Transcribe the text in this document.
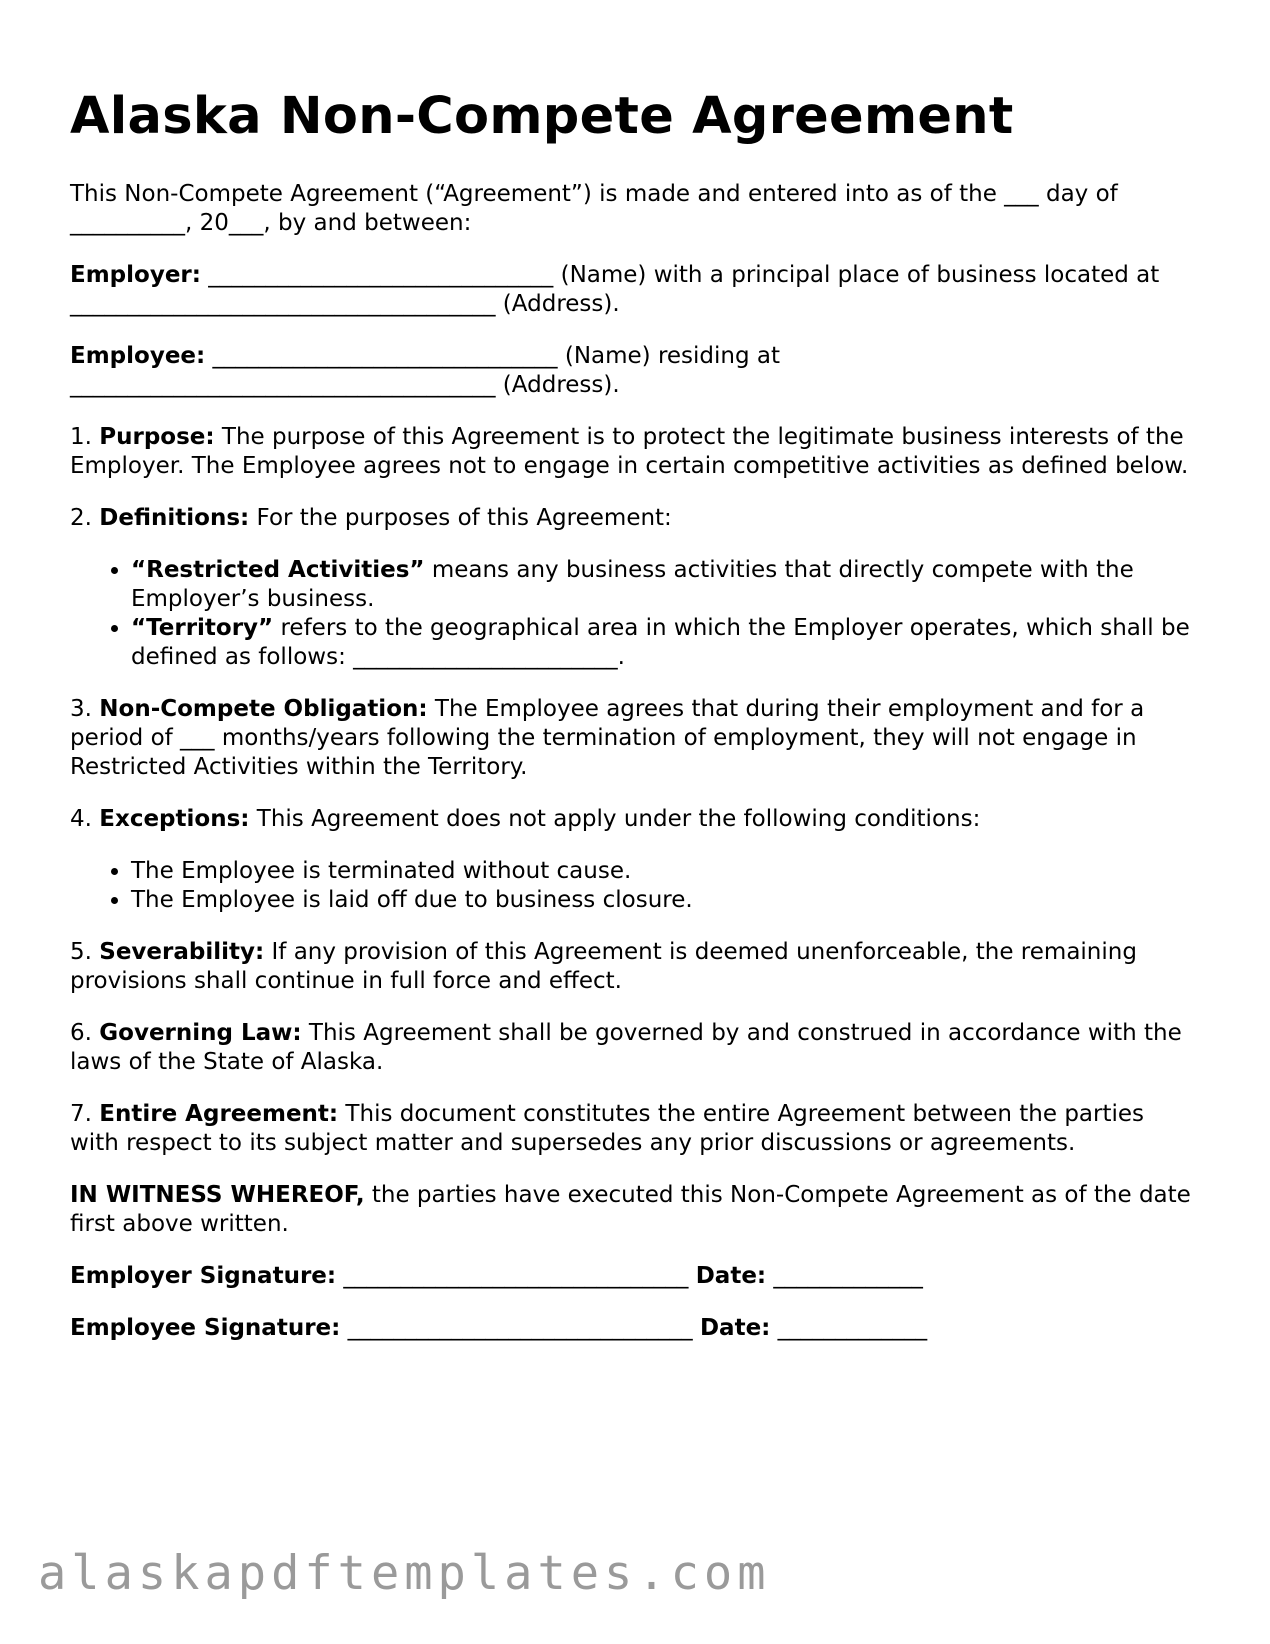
Alaska Non-Compete Agreement

This Non-Compete Agreement (“Agreement”) is made and entered into as of the ___ day of __________, 20___, by and between:

Employer: ______________________________ (Name) with a principal place of business located at _____________________________________ (Address).

Employee: ______________________________ (Name) residing at _____________________________________ (Address).

1. Purpose: The purpose of this Agreement is to protect the legitimate business interests of the Employer. The Employee agrees not to engage in certain competitive activities as defined below.

2. Definitions: For the purposes of this Agreement:

• “Restricted Activities” means any business activities that directly compete with the Employer’s business.
• “Territory” refers to the geographical area in which the Employer operates, which shall be defined as follows: _______________________.

3. Non-Compete Obligation: The Employee agrees that during their employment and for a period of ___ months/years following the termination of employment, they will not engage in Restricted Activities within the Territory.

4. Exceptions: This Agreement does not apply under the following conditions:

• The Employee is terminated without cause.
• The Employee is laid off due to business closure.

5. Severability: If any provision of this Agreement is deemed unenforceable, the remaining provisions shall continue in full force and effect.

6. Governing Law: This Agreement shall be governed by and construed in accordance with the laws of the State of Alaska.

7. Entire Agreement: This document constitutes the entire Agreement between the parties with respect to its subject matter and supersedes any prior discussions or agreements.

IN WITNESS WHEREOF, the parties have executed this Non-Compete Agreement as of the date first above written.

Employer Signature: ______________________________ Date: _____________
Employee Signature: ______________________________ Date: _____________
alaskapdftemplates.com
